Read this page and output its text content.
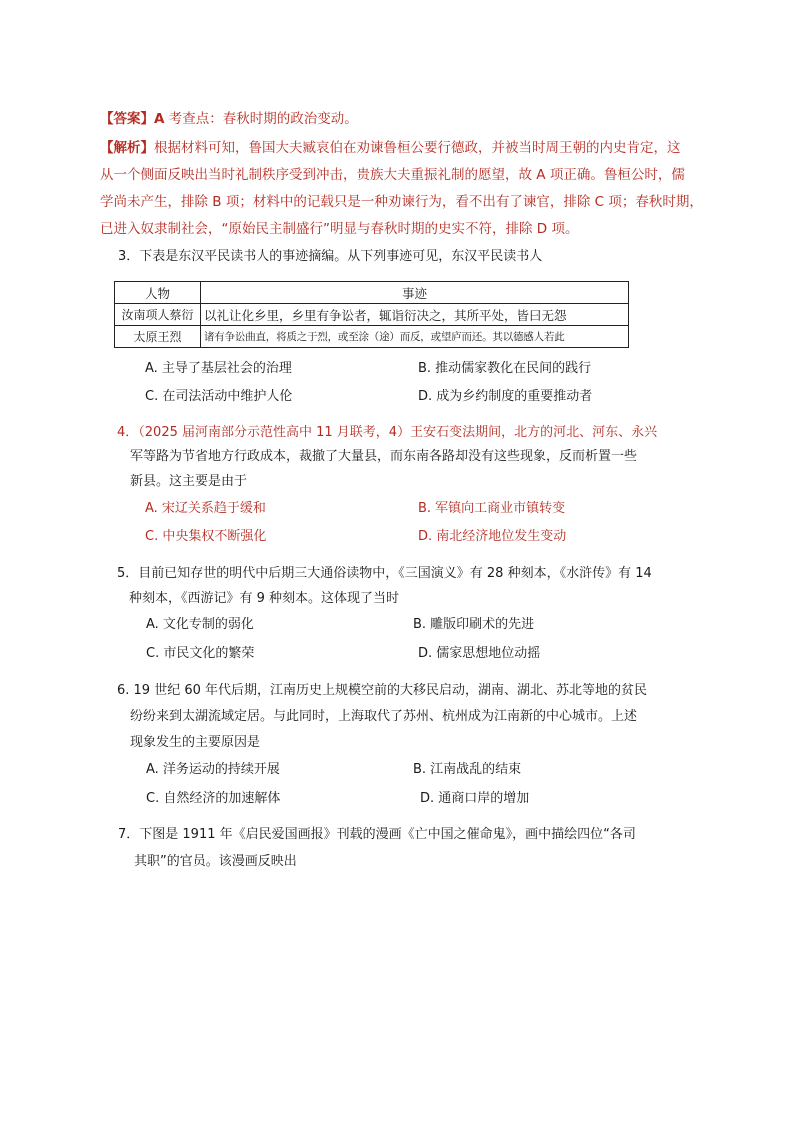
【答案】A 考查点：春秋时期的政治变动。
【解析】根据材料可知，鲁国大夫臧哀伯在劝谏鲁桓公要行德政，并被当时周王朝的内史肯定，这
从一个侧面反映出当时礼制秩序受到冲击，贵族大夫重振礼制的愿望，故 A 项正确。鲁桓公时，儒
学尚未产生，排除 B 项；材料中的记载只是一种劝谏行为，看不出有了谏官，排除 C 项；春秋时期，
已进入奴隶制社会，“原始民主制盛行”明显与春秋时期的史实不符，排除 D 项。
3．下表是东汉平民读书人的事迹摘编。从下列事迹可见，东汉平民读书人
人物	事迹
汝南项人蔡衍	以礼让化乡里，乡里有争讼者，辄诣衍决之，其所平处，皆曰无怨
太原王烈	诸有争讼曲直，将质之于烈，或至涂（途）而反，或望庐而还。其以德感人若此
A. 主导了基层社会的治理	B. 推动儒家教化在民间的践行
C. 在司法活动中维护人伦	D. 成为乡约制度的重要推动者
4．（2025 届河南部分示范性高中 11 月联考，4）王安石变法期间，北方的河北、河东、永兴
军等路为节省地方行政成本，裁撤了大量县，而东南各路却没有这些现象，反而析置一些
新县。这主要是由于
A. 宋辽关系趋于缓和	B. 军镇向工商业市镇转变
C. 中央集权不断强化	D. 南北经济地位发生变动
5．目前已知存世的明代中后期三大通俗读物中，《三国演义》有 28 种刻本，《水浒传》有 14
种刻本，《西游记》有 9 种刻本。这体现了当时
A. 文化专制的弱化	B. 雕版印刷术的先进
C. 市民文化的繁荣	D. 儒家思想地位动摇
6. 19 世纪 60 年代后期，江南历史上规模空前的大移民启动，湖南、湖北、苏北等地的贫民
纷纷来到太湖流域定居。与此同时，上海取代了苏州、杭州成为江南新的中心城市。上述
现象发生的主要原因是
A. 洋务运动的持续开展	B. 江南战乱的结束
C. 自然经济的加速解体	D. 通商口岸的增加
7．下图是 1911 年《启民爱国画报》刊载的漫画《亡中国之催命鬼》，画中描绘四位“各司
其职”的官员。该漫画反映出
